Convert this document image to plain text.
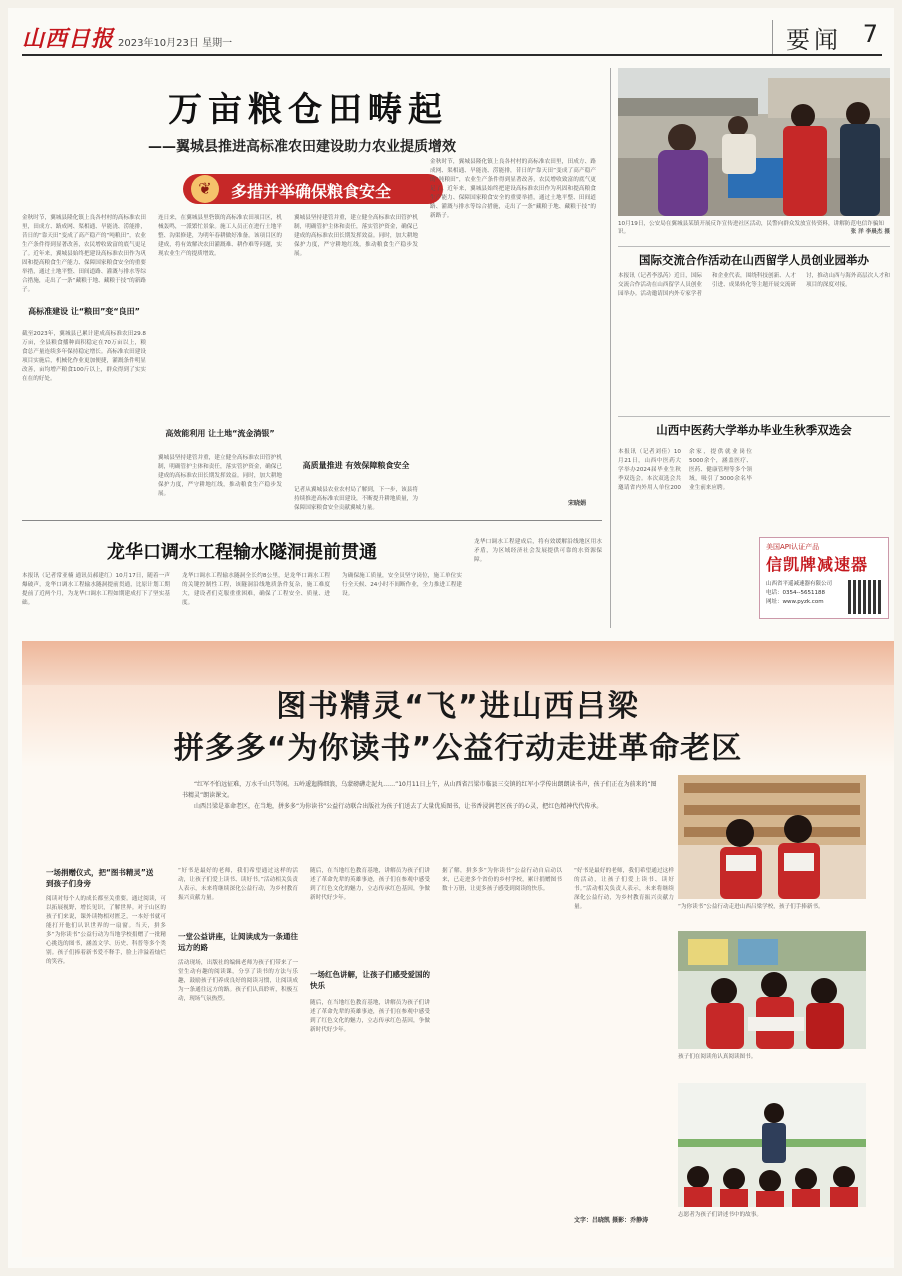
山西日报 2023年10月23日 星期一	要闻 7
万亩粮仓田畴起
——翼城县推进高标准农田建设助力农业提质增效
❦	多措并举确保粮食安全
金秋时节，翼城县隆化镇上良各村村的高标准农田里，田成方、路成网、渠相通、旱能浇、涝能排，昔日的“靠天田”变成了高产稳产的“吨粮田”，农业生产条件得到显著改善，农民增收致富的底气更足了。近年来，翼城县始终把建设高标准农田作为巩固和提高粮食生产能力、保障国家粮食安全的重要举措，通过土地平整、田间道路、灌溉与排水等综合措施，走出了一条“藏粮于地、藏粮于技”的新路子。
高标准建设 让“粮田”变“良田”
截至2023年，翼城县已累计建成高标准农田29.8万亩，全县粮食播种面积稳定在70万亩以上，粮食总产量连续多年保持稳定增长。高标准农田建设项目实施后，机械化作业更加便捷，灌溉条件明显改善，亩均增产粮食100斤以上，群众得到了实实在在的好处。
连日来，在翼城县里砦镇的高标准农田项目区，机械轰鸣，一派繁忙景象。施工人员正在进行土地平整、沟渠修建，为明年春耕做好准备。该项目区的建成，将有效解决农田灌溉难、耕作难等问题，实现农业生产的提质增效。
高效能利用 让土地“流金淌银”
翼城县坚持建管并重，建立健全高标准农田管护机制，明确管护主体和责任，落实管护资金，确保已建成的高标准农田长期发挥效益。同时，加大耕地保护力度，严守耕地红线，推动粮食生产稳步发展。
翼城县坚持建管并重，建立健全高标准农田管护机制，明确管护主体和责任，落实管护资金，确保已建成的高标准农田长期发挥效益。同时，加大耕地保护力度，严守耕地红线，推动粮食生产稳步发展。
高质量推进 有效保障粮食安全
记者从翼城县农业农村局了解到，下一步，该县将持续推进高标准农田建设，不断提升耕地质量，为保障国家粮食安全贡献翼城力量。
金秋时节，翼城县隆化镇上良各村村的高标准农田里，田成方、路成网、渠相通、旱能浇、涝能排，昔日的“靠天田”变成了高产稳产的“吨粮田”，农业生产条件得到显著改善，农民增收致富的底气更足了。近年来，翼城县始终把建设高标准农田作为巩固和提高粮食生产能力、保障国家粮食安全的重要举措，通过土地平整、田间道路、灌溉与排水等综合措施，走出了一条“藏粮于地、藏粮于技”的新路子。
宋晓娟
龙华口调水工程输水隧洞提前贯通
本报讯（记者常亚楠 通讯员郝建红）10月17日，随着一声爆破声，龙华口调水工程输水隧洞提前贯通，比原计划工期提前了近两个月，为龙华口调水工程如期建成打下了坚实基础。
龙华口调水工程输水隧洞全长约8公里，是龙华口调水工程的关键控制性工程，该隧洞沿线地质条件复杂，施工难度大，建设者们克服重重困难，确保了工程安全、质量、进度。
为确保施工质量，安全员坚守岗位，施工单位实行全天候、24小时不间断作业，全力推进工程建设。
龙华口调水工程建成后，将有效缓解沿线地区用水矛盾，为区域经济社会发展提供可靠的水资源保障。
10月19日，公安局在翼城县某镇开展反诈宣传进社区活动，民警向群众发放宣传资料，讲解防范电信诈骗知识。	张 洋 李晨杰 摄
国际交流合作活动在山西留学人员创业园举办
本报讯（记者李泓芮）近日，国际交流合作活动在山西留学人员创业园举办。活动邀请国内外专家学者和企业代表，围绕科技创新、人才引进、成果转化等主题开展交流研讨，推动山西与海外高层次人才和项目的深度对接。
山西中医药大学举办毕业生秋季双选会
本报讯（记者刘佳）10月21日，山西中医药大学举办2024届毕业生秋季双选会。本次双选会共邀请省内外用人单位200余家，提供就业岗位5000余个，涵盖医疗、医药、健康管理等多个领域，吸引了3000余名毕业生前来应聘。
美国API认证产品
信凯牌减速器
山西省平遥减速器有限公司
电话：0354--5651188
网址：www.pyzk.com
图书精灵“飞”进山西吕梁
拼多多“为你读书”公益行动走进革命老区

“红军不怕远征难，万水千山只等闲。五岭逶迤腾细浪，乌蒙磅礴走泥丸……”10月11日上午，从山西省吕梁市临县三交镇的红军小学传出朗朗读书声，孩子们正在为前来的“图书精灵”朗读课文。

山西吕梁是革命老区，在当地，拼多多“为你读书”公益行动联合出版社为孩子们送去了大量优质图书，让书香浸润老区孩子的心灵，把红色精神代代传承。

一场捐赠仪式，把“图书精灵”送到孩子们身旁
阅读对每个人的成长都至关重要。通过阅读，可以拓展视野，增长见识，了解世界。对于山区的孩子们来说，课外读物相对匮乏，一本好书就可能打开他们认识世界的一扇窗。当天，拼多多“为你读书”公益行动为当地学校捐赠了一批精心挑选的图书，涵盖文学、历史、科普等多个类别。孩子们捧着新书爱不释手，脸上洋溢着灿烂的笑容。
“好书是最好的老师，我们希望通过这样的活动，让孩子们爱上读书、读好书。”活动相关负责人表示，未来将继续深化公益行动，为乡村教育振兴贡献力量。
一堂公益讲座，让阅读成为一条通往远方的路
活动现场，出版社的编辑老师为孩子们带来了一堂生动有趣的阅读课，分享了读书的方法与乐趣，鼓励孩子们养成良好的阅读习惯，让阅读成为一条通往远方的路。孩子们认真聆听，积极互动，现场气氛热烈。
随后，在当地红色教育基地，讲解员为孩子们讲述了革命先辈的英雄事迹，孩子们在参观中感受到了红色文化的魅力，立志传承红色基因，争做新时代好少年。
一场红色讲解，让孩子们感受爱国的快乐
随后，在当地红色教育基地，讲解员为孩子们讲述了革命先辈的英雄事迹，孩子们在参观中感受到了红色文化的魅力，立志传承红色基因，争做新时代好少年。
据了解，拼多多“为你读书”公益行动自启动以来，已走进多个省份的乡村学校，累计捐赠图书数十万册，让更多孩子感受到阅读的快乐。
“好书是最好的老师，我们希望通过这样的活动，让孩子们爱上读书、读好书。”活动相关负责人表示，未来将继续深化公益行动，为乡村教育振兴贡献力量。
文字：吕晓凯 摄影：乔静涛
“为你读书”公益行动走进山西吕梁学校，孩子们手捧新书。
孩子们在阅读角认真阅读图书。
志愿者为孩子们讲述书中的故事。
